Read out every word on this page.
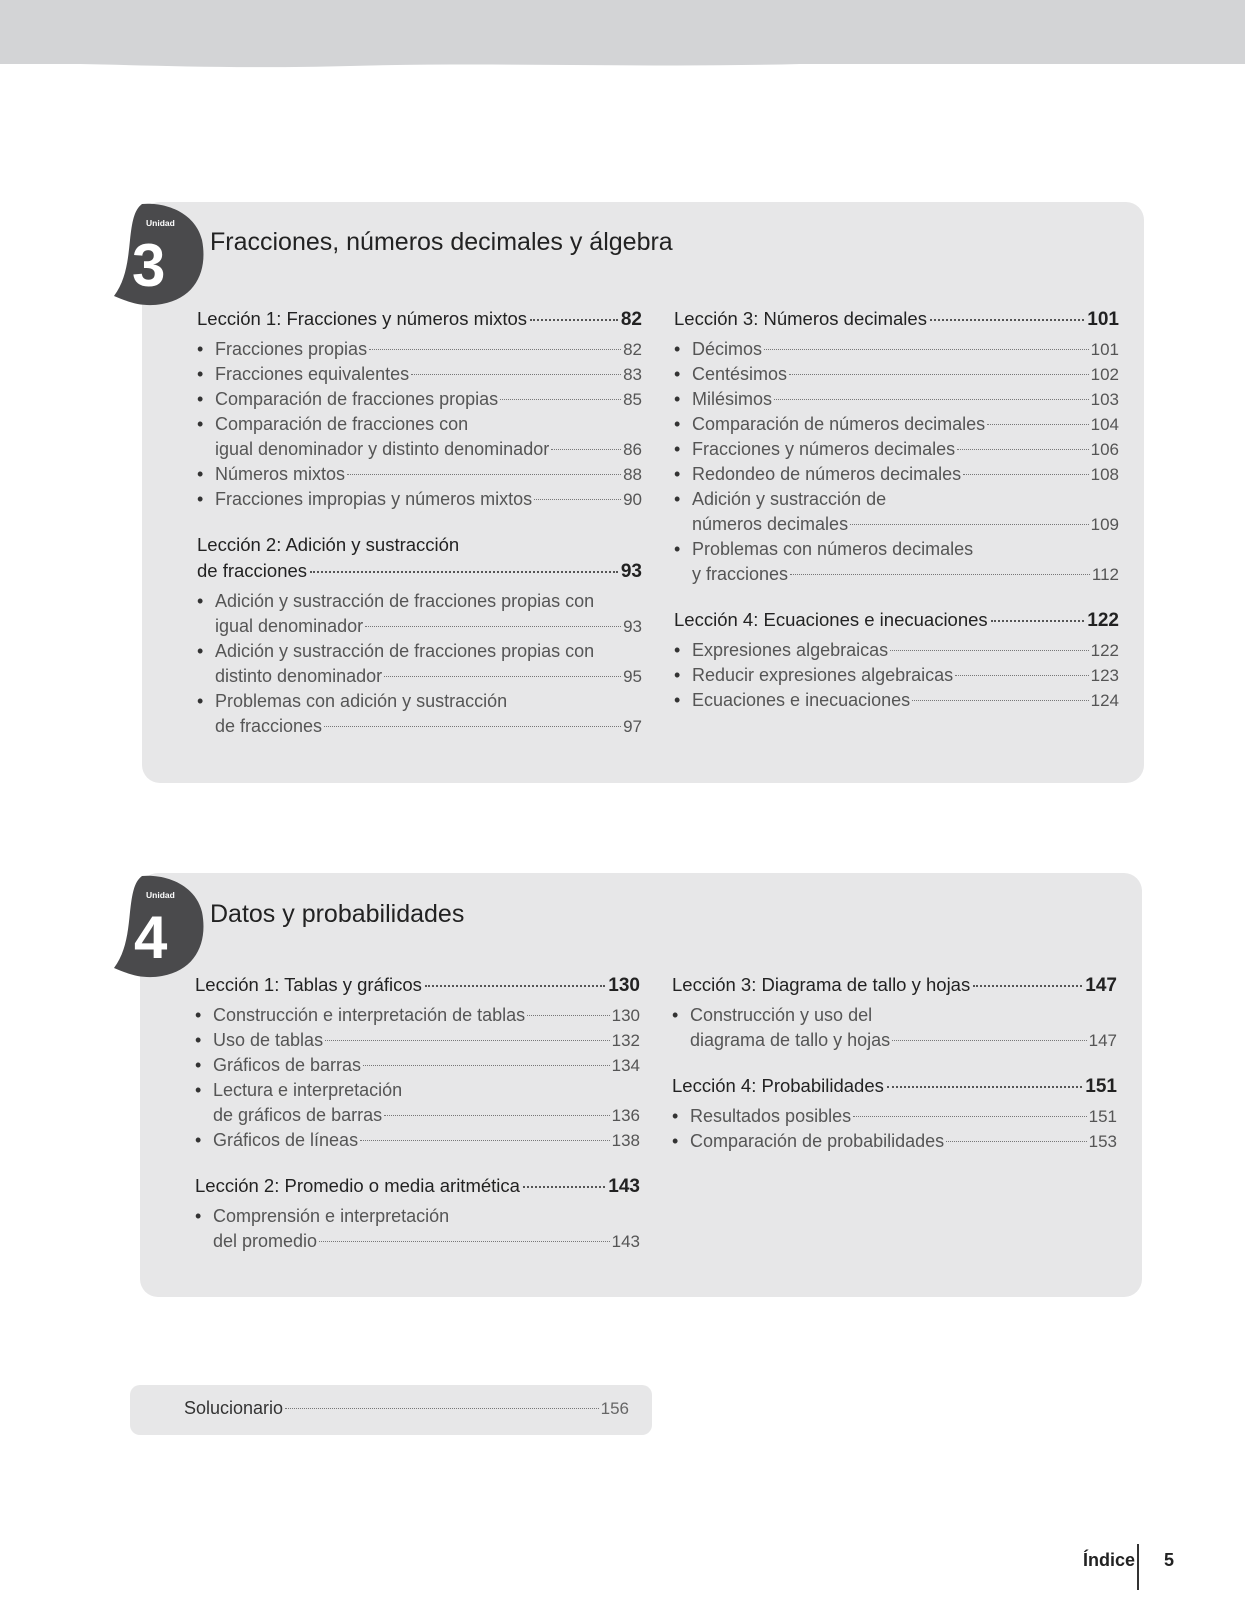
Unidad
3 Fracciones, números decimales y álgebra
Lección 1: Fracciones y números mixtos	82
• Fracciones propias	82
• Fracciones equivalentes	83
• Comparación de fracciones propias	85
• Comparación de fracciones con
igual denominador y distinto denominador	86
• Números mixtos	88
• Fracciones impropias y números mixtos	90
Lección 2: Adición y sustracción
de fracciones	93
• Adición y sustracción de fracciones propias con
igual denominador	93
• Adición y sustracción de fracciones propias con
distinto denominador	95
• Problemas con adición y sustracción
de fracciones	97
Lección 3: Números decimales	101
• Décimos	101
• Centésimos	102
• Milésimos	103
• Comparación de números decimales	104
• Fracciones y números decimales	106
• Redondeo de números decimales	108
• Adición y sustracción de
números decimales	109
• Problemas con números decimales
y fracciones	112
Lección 4: Ecuaciones e inecuaciones	122
• Expresiones algebraicas	122
• Reducir expresiones algebraicas	123
• Ecuaciones e inecuaciones	124
Unidad
4 Datos y probabilidades
Lección 1: Tablas y gráficos	130
• Construcción e interpretación de tablas	130
• Uso de tablas	132
• Gráficos de barras	134
• Lectura e interpretación
de gráficos de barras	136
• Gráficos de líneas	138
Lección 2: Promedio o media aritmética	143
• Comprensión e interpretación
del promedio	143
Lección 3: Diagrama de tallo y hojas	147
• Construcción y uso del
diagrama de tallo y hojas	147
Lección 4: Probabilidades	151
• Resultados posibles	151
• Comparación de probabilidades	153
Solucionario	156
Índice 5
